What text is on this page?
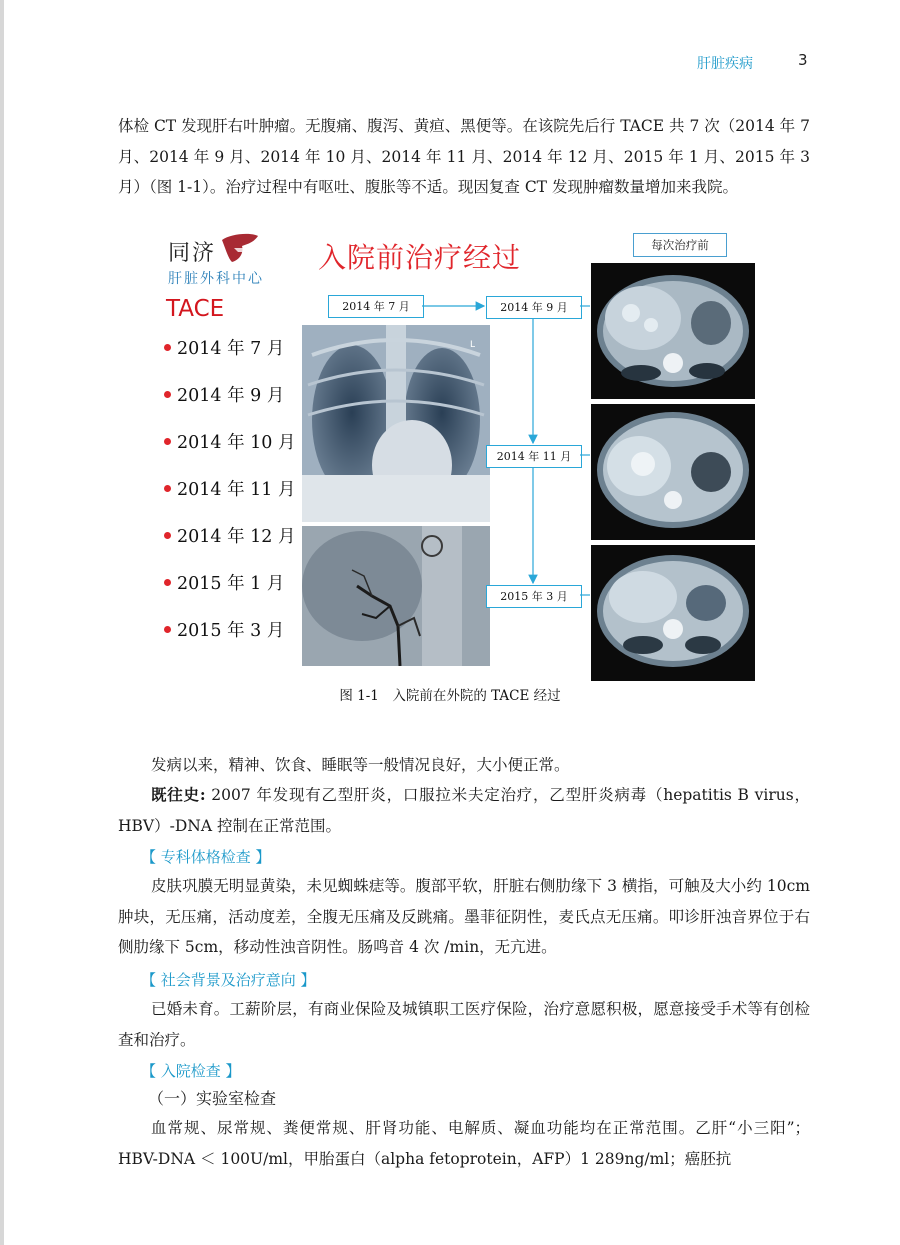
肝脏疾病	3

体检 CT 发现肝右叶肿瘤。无腹痛、腹泻、黄疸、黑便等。在该院先后行 TACE 共 7 次（2014 年 7 月、2014 年 9 月、2014 年 10 月、2014 年 11 月、2014 年 12 月、2015 年 1 月、2015 年 3 月）（图 1-1）。治疗过程中有呕吐、腹胀等不适。现因复查 CT 发现肿瘤数量增加来我院。

同济
肝脏外科中心
入院前治疗经过
TACE
2014 年 7 月
2014 年 9 月
2014 年 10 月
2014 年 11 月
2014 年 12 月
2015 年 1 月
2015 年 3 月
L
2014 年 7 月	2014 年 9 月
2014 年 11 月
2015 年 3 月
每次治疗前
图 1-1　入院前在外院的 TACE 经过

发病以来，精神、饮食、睡眠等一般情况良好，大小便正常。

既往史: 2007 年发现有乙型肝炎，口服拉米夫定治疗，乙型肝炎病毒（hepatitis B virus，HBV）-DNA 控制在正常范围。

【 专科体格检查 】

皮肤巩膜无明显黄染，未见蜘蛛痣等。腹部平软，肝脏右侧肋缘下 3 横指，可触及大小约 10cm 肿块，无压痛，活动度差，全腹无压痛及反跳痛。墨菲征阴性，麦氏点无压痛。叩诊肝浊音界位于右侧肋缘下 5cm，移动性浊音阴性。肠鸣音 4 次 /min，无亢进。

【 社会背景及治疗意向 】

已婚未育。工薪阶层，有商业保险及城镇职工医疗保险，治疗意愿积极，愿意接受手术等有创检查和治疗。

【 入院检查 】
（一）实验室检查

血常规、尿常规、粪便常规、肝肾功能、电解质、凝血功能均在正常范围。乙肝“小三阳”；HBV-DNA ＜ 100U/ml，甲胎蛋白（alpha fetoprotein，AFP）1 289ng/ml；癌胚抗
